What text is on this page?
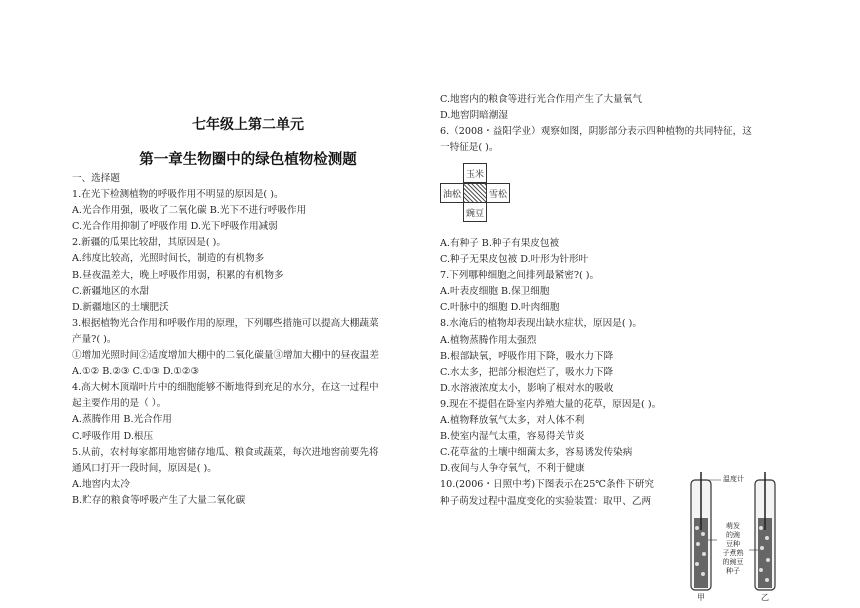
七年级上第二单元
第一章生物圈中的绿色植物检测题
一、选择题
1.在光下检测植物的呼吸作用不明显的原因是( )。
A.光合作用强，吸收了二氧化碳 B.光下不进行呼吸作用
C.光合作用抑制了呼吸作用 D.光下呼吸作用减弱
2.新疆的瓜果比较甜，其原因是( )。
A.纬度比较高，光照时间长，制造的有机物多
B.昼夜温差大，晚上呼吸作用弱，积累的有机物多
C.新疆地区的水甜
D.新疆地区的土壤肥沃
3.根据植物光合作用和呼吸作用的原理，下列哪些措施可以提高大棚蔬菜
产量?( )。
①增加光照时间②适度增加大棚中的二氧化碳量③增加大棚中的昼夜温差
A.①② B.②③ C.①③ D.①②③
4.高大树木顶端叶片中的细胞能够不断地得到充足的水分，在这一过程中
起主要作用的是（ ）。
A.蒸腾作用 B.光合作用
C.呼吸作用 D.根压
5.从前，农村每家都用地窖储存地瓜、粮食或蔬菜，每次进地窖前要先将
通风口打开一段时间，原因是( )。
A.地窖内太冷
B.贮存的粮食等呼吸产生了大量二氧化碳
C.地窖内的粮食等进行光合作用产生了大量氧气
D.地窖阴暗潮湿
6.（2008・益阳学业）观察如图，阴影部分表示四种植物的共同特征，这
一特征是( )。
玉米
油松	雪松
豌豆
A.有种子 B.种子有果皮包被
C.种子无果皮包被 D.叶形为针形叶
7.下列哪种细胞之间排列最紧密?( )。
A.叶表皮细胞 B.保卫细胞
C.叶脉中的细胞 D.叶肉细胞
8.水淹后的植物却表现出缺水症状，原因是( )。
A.植物蒸腾作用太强烈
B.根部缺氧，呼吸作用下降，吸水力下降
C.水太多，把部分根泡烂了，吸水力下降
D.水溶液浓度太小，影响了根对水的吸收
9.现在不提倡在卧室内养殖大量的花草，原因是( )。
A.植物释放氧气太多，对人体不利
B.使室内湿气太重，容易得关节炎
C.花草盆的土壤中细菌太多，容易诱发传染病
D.夜间与人争夺氧气，不利于健康
10.(2006・日照中考)下图表示在25℃条件下研究
种子萌发过程中温度变化的实验装置：取甲、乙两
温度计
萌发
的豌
豆种
子煮熟
的豌豆
种子
甲	乙
